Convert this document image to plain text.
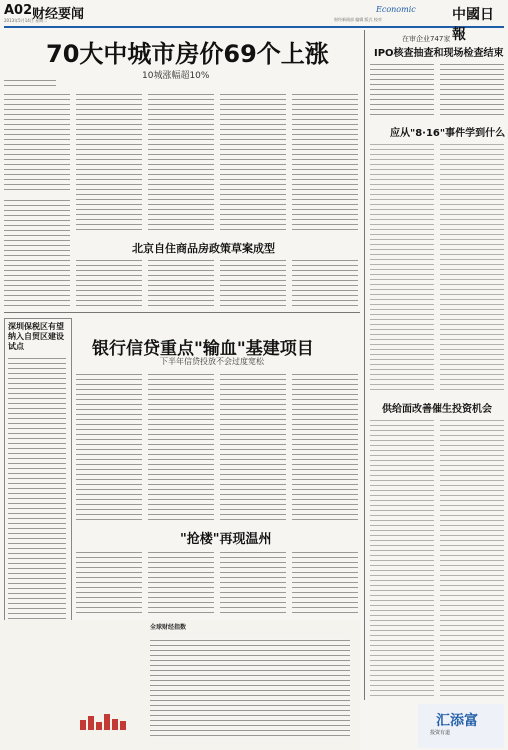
A02 财经要闻
2013年5月14日 星期二
Economic
财经新闻部 编辑 版式 校对	中國日報
70大中城市房价69个上涨
10城涨幅超10%
北京自住商品房政策草案成型
深圳保税区有望纳入自贸区建设试点	银行信贷重点"输血"基建项目
下半年信贷投放不会过度宽松
"抢楼"再现温州
在审企业747家
IPO核查抽查和现场检查结束
应从"8·16"事件学到什么
供给面改善催生投资机会
全球财经指数
汇添富
投资有道
